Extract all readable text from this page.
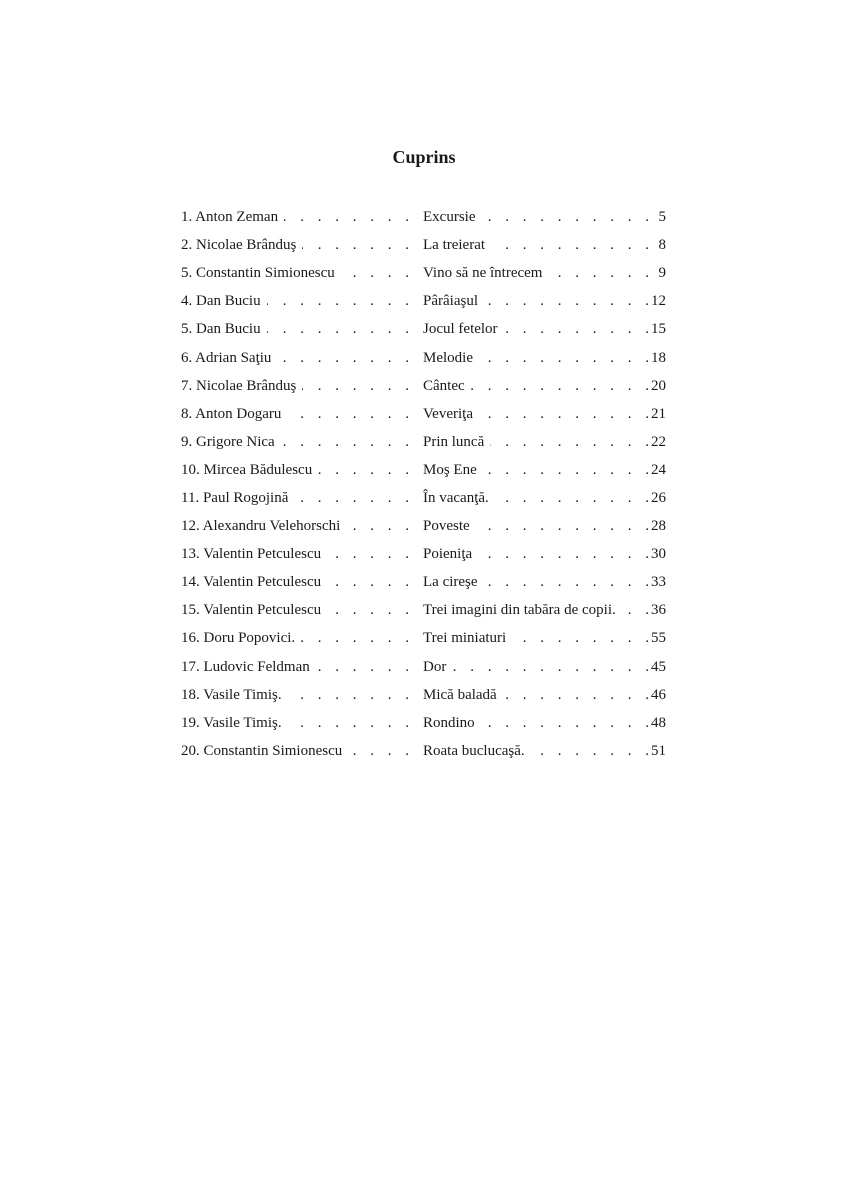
Cuprins
1. Anton Zeman . . .	Excursie . . .	5
2. Nicolae Brânduş . . .	La treierat . . .	8
5. Constantin Simionescu . . .	Vino să ne întrecem . . .	9
4. Dan Buciu . . .	Pârâiaşul . . .	12
5. Dan Buciu . . .	Jocul fetelor . . .	15
6. Adrian Saţiu . . .	Melodie . . .	18
7. Nicolae Brânduş . . .	Cântec . . .	20
8. Anton Dogaru . . .	Veveriţa . . .	21
9. Grigore Nica . . .	Prin luncă . . .	22
10. Mircea Bădulescu . . .	Moş Ene . . .	24
11. Paul Rogojină . . .	În vacanţă. . . .	26
12. Alexandru Velehorschi . . .	Poveste . . .	28
13. Valentin Petculescu . . .	Poieniţa . . .	30
14. Valentin Petculescu . . .	La cireşe . . .	33
15. Valentin Petculescu . . .	Trei imagini din tabăra de copii. . . .	36
16. Doru Popovici. . . .	Trei miniaturi . . .	55
17. Ludovic Feldman . . .	Dor . . .	45
18. Vasile Timiş. . . .	Mică baladă . . .	46
19. Vasile Timiş. . . .	Rondino . . .	48
20. Constantin Simionescu . . .	Roata buclucaşă. . . .	51
